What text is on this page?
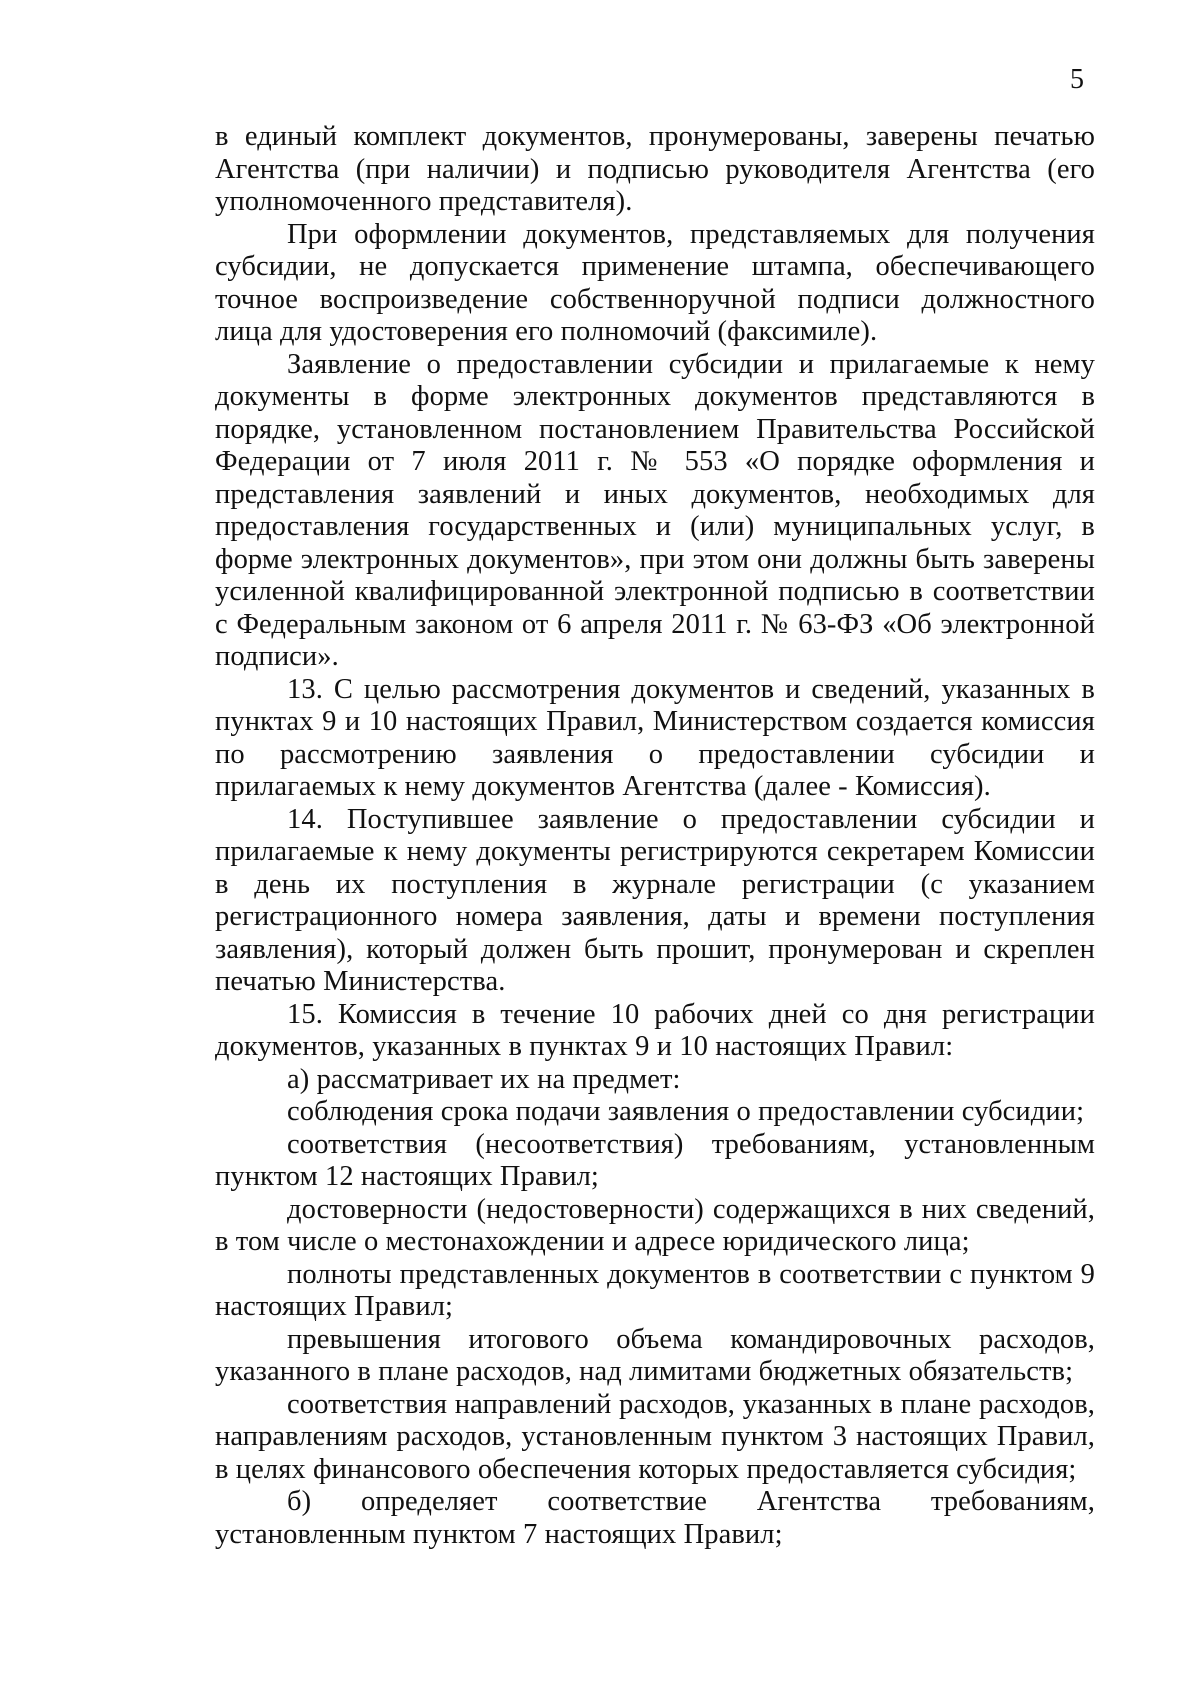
5

в единый комплект документов, пронумерованы, заверены печатью Агентства (при наличии) и подписью руководителя Агентства (его уполномоченного представителя).

При оформлении документов, представляемых для получения субсидии, не допускается применение штампа, обеспечивающего точное воспроизведение собственноручной подписи должностного лица для удостоверения его полномочий (факсимиле).

Заявление о предоставлении субсидии и прилагаемые к нему документы в форме электронных документов представляются в порядке, установленном постановлением Правительства Российской Федерации от 7 июля 2011 г. № 553 «О порядке оформления и представления заявлений и иных документов, необходимых для предоставления государственных и (или) муниципальных услуг, в форме электронных документов», при этом они должны быть заверены усиленной квалифицированной электронной подписью в соответствии с Федеральным законом от 6 апреля 2011 г. № 63-ФЗ «Об электронной подписи».

13. С целью рассмотрения документов и сведений, указанных в пунктах 9 и 10 настоящих Правил, Министерством создается комиссия по рассмотрению заявления о предоставлении субсидии и прилагаемых к нему документов Агентства (далее - Комиссия).

14. Поступившее заявление о предоставлении субсидии и прилагаемые к нему документы регистрируются секретарем Комиссии в день их поступления в журнале регистрации (с указанием регистрационного номера заявления, даты и времени поступления заявления), который должен быть прошит, пронумерован и скреплен печатью Министерства.

15. Комиссия в течение 10 рабочих дней со дня регистрации документов, указанных в пунктах 9 и 10 настоящих Правил:

а) рассматривает их на предмет:

соблюдения срока подачи заявления о предоставлении субсидии;

соответствия (несоответствия) требованиям, установленным пунктом 12 настоящих Правил;

достоверности (недостоверности) содержащихся в них сведений, в том числе о местонахождении и адресе юридического лица;

полноты представленных документов в соответствии с пунктом 9 настоящих Правил;

превышения итогового объема командировочных расходов, указанного в плане расходов, над лимитами бюджетных обязательств;

соответствия направлений расходов, указанных в плане расходов, направлениям расходов, установленным пунктом 3 настоящих Правил, в целях финансового обеспечения которых предоставляется субсидия;

б) определяет соответствие Агентства требованиям, установленным пунктом 7 настоящих Правил;
